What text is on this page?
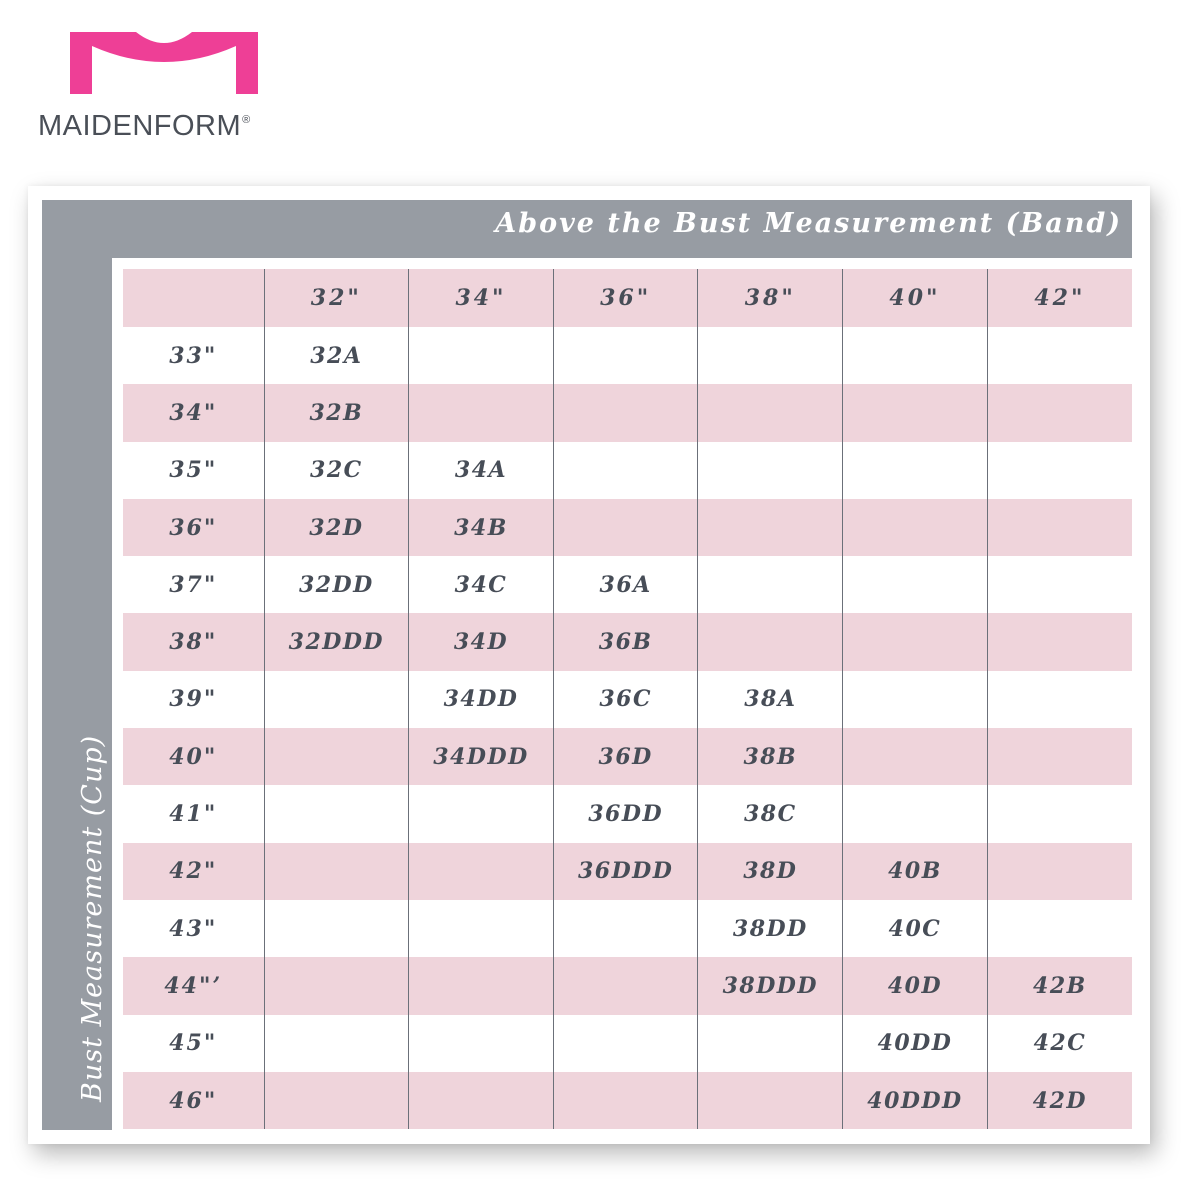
MAIDENFORM®
Above the Bust Measurement (Band)
Bust Measurement (Cup)
	32"	34"	36"	38"	40"	42"
33"	32A					
34"	32B					
35"	32C	34A				
36"	32D	34B				
37"	32DD	34C	36A			
38"	32DDD	34D	36B			
39"		34DD	36C	38A		
40"		34DDD	36D	38B		
41"			36DD	38C		
42"			36DDD	38D	40B	
43"				38DD	40C	
44"’				38DDD	40D	42B
45"					40DD	42C
46"					40DDD	42D
